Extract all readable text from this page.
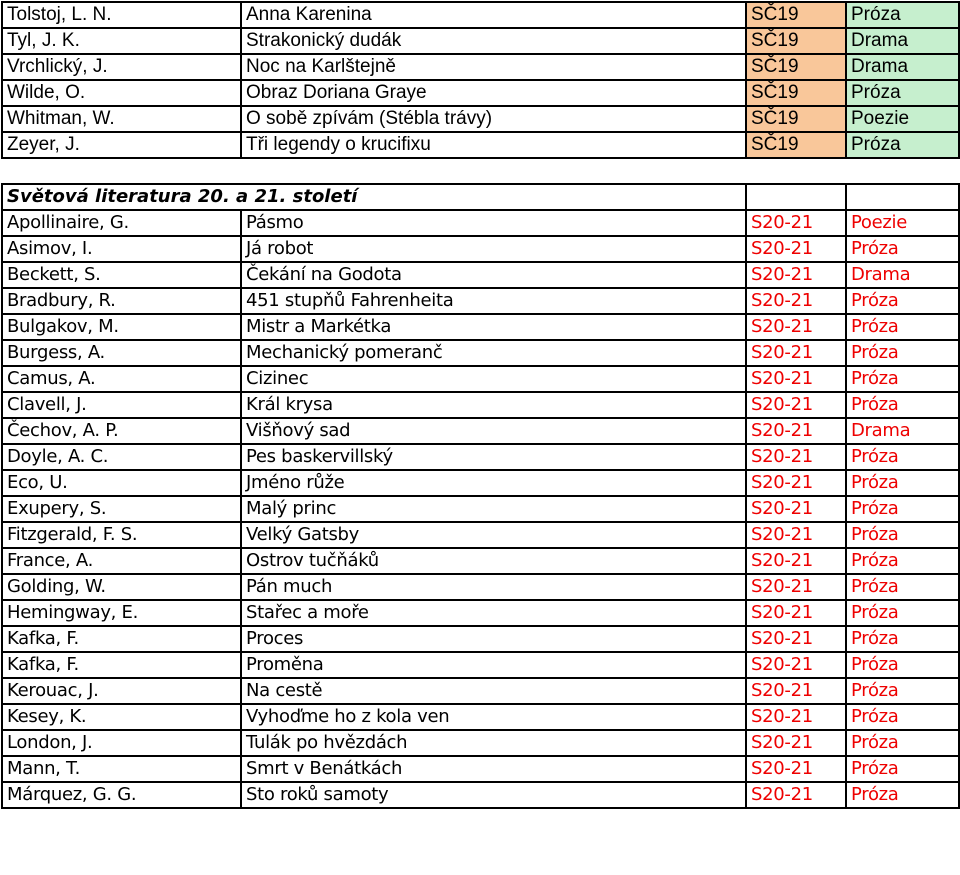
Tolstoj, L. N.	Anna Karenina	SČ19	Próza
Tyl, J. K.	Strakonický dudák	SČ19	Drama
Vrchlický, J.	Noc na Karlštejně	SČ19	Drama
Wilde, O.	Obraz Doriana Graye	SČ19	Próza
Whitman, W.	O sobě zpívám (Stébla trávy)	SČ19	Poezie
Zeyer, J.	Tři legendy o krucifixu	SČ19	Próza

Světová literatura 20. a 21. století			
Apollinaire, G.	Pásmo	S20-21	Poezie
Asimov, I.	Já robot	S20-21	Próza
Beckett, S.	Čekání na Godota	S20-21	Drama
Bradbury, R.	451 stupňů Fahrenheita	S20-21	Próza
Bulgakov, M.	Mistr a Markétka	S20-21	Próza
Burgess, A.	Mechanický pomeranč	S20-21	Próza
Camus, A.	Cizinec	S20-21	Próza
Clavell, J.	Král krysa	S20-21	Próza
Čechov, A. P.	Višňový sad	S20-21	Drama
Doyle, A. C.	Pes baskervillský	S20-21	Próza
Eco, U.	Jméno růže	S20-21	Próza
Exupery, S.	Malý princ	S20-21	Próza
Fitzgerald, F. S.	Velký Gatsby	S20-21	Próza
France, A.	Ostrov tučňáků	S20-21	Próza
Golding, W.	Pán much	S20-21	Próza
Hemingway, E.	Stařec a moře	S20-21	Próza
Kafka, F.	Proces	S20-21	Próza
Kafka, F.	Proměna	S20-21	Próza
Kerouac, J.	Na cestě	S20-21	Próza
Kesey, K.	Vyhoďme ho z kola ven	S20-21	Próza
London, J.	Tulák po hvězdách	S20-21	Próza
Mann, T.	Smrt v Benátkách	S20-21	Próza
Márquez, G. G.	Sto roků samoty	S20-21	Próza
